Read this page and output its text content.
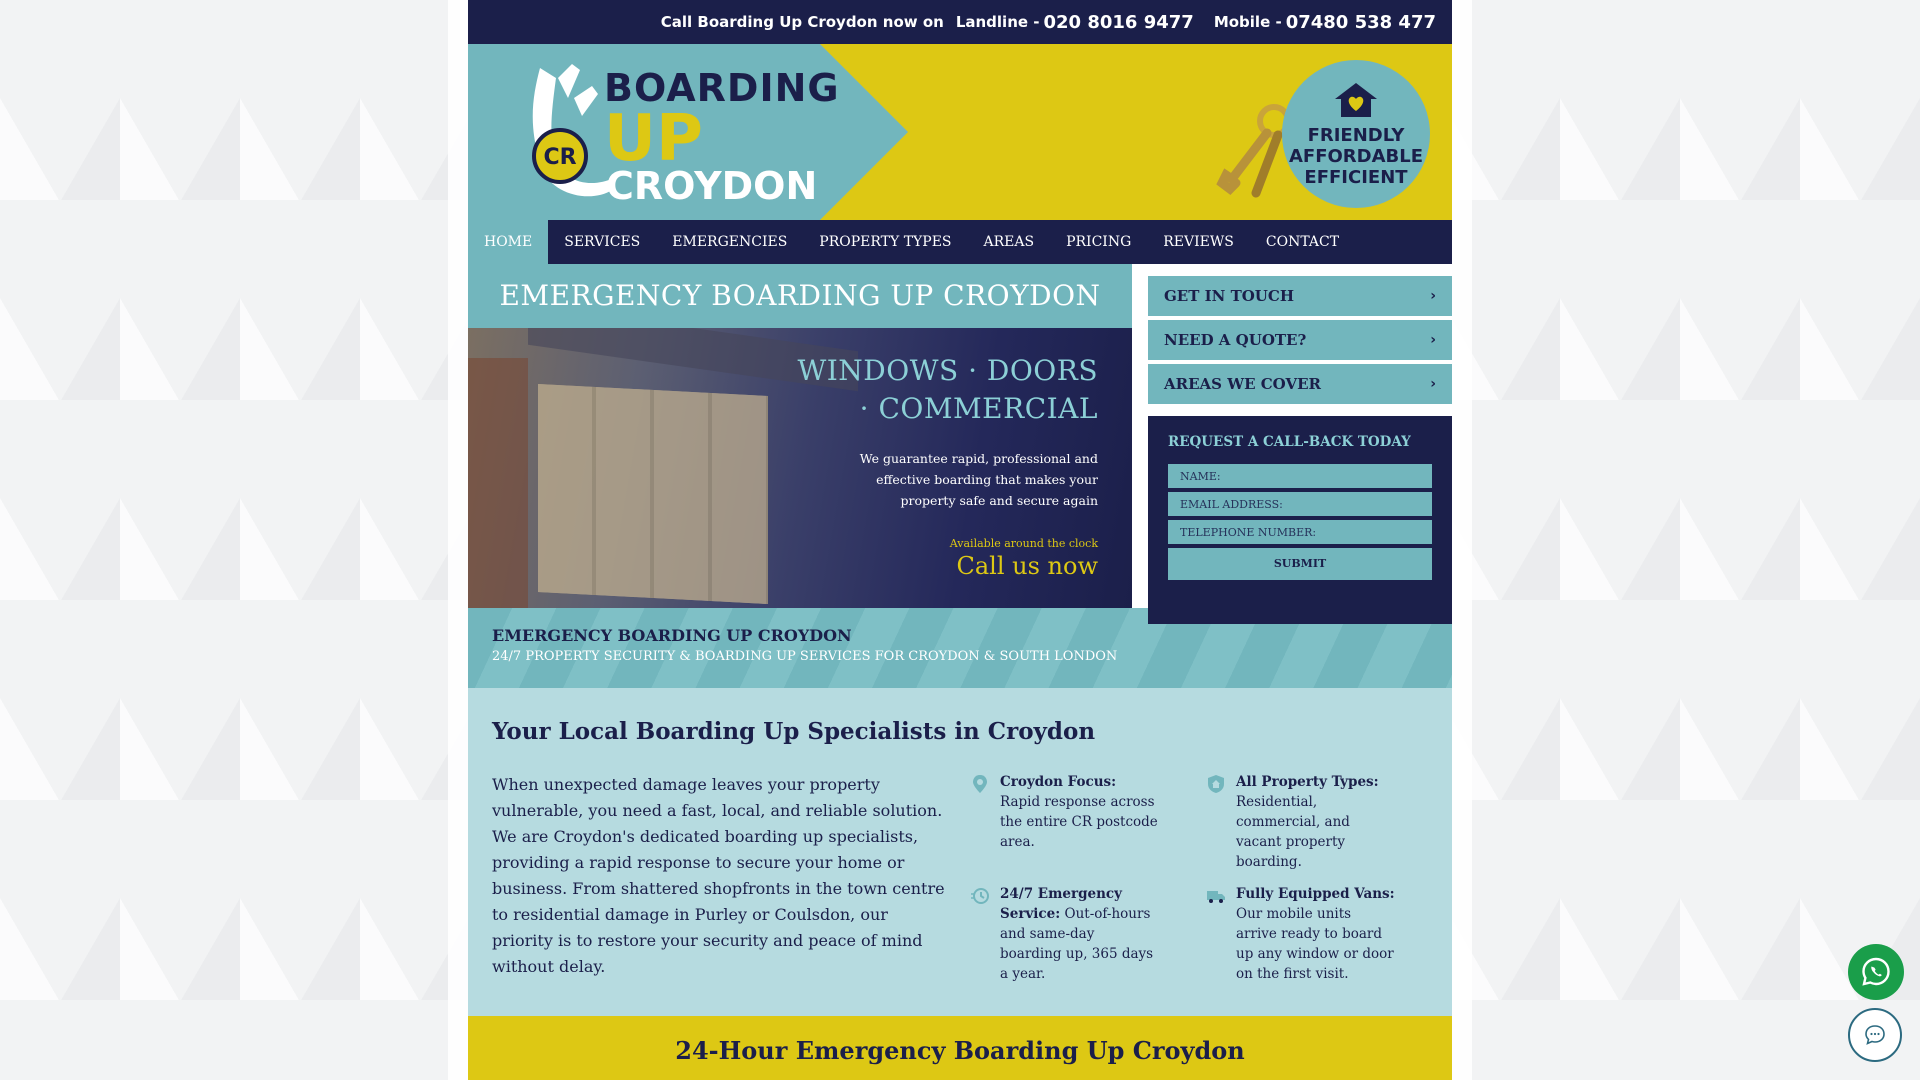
Call Boarding Up Croydon now on Landline - 020 8016 9477 Mobile - 07480 538 477
CR
BOARDING
UP
CROYDON
FRIENDLY
AFFORDABLE
EFFICIENT
HOME	SERVICES	EMERGENCIES	PROPERTY TYPES	AREAS	PRICING	REVIEWS	CONTACT
EMERGENCY BOARDING UP CROYDON
WINDOWS · DOORS
· COMMERCIAL
We guarantee rapid, professional and effective boarding that makes your property safe and secure again
Available around the clock
Call us now
GET IN TOUCH	›
NEED A QUOTE?	›
AREAS WE COVER	›
REQUEST A CALL-BACK TODAY
NAME:
EMAIL ADDRESS:
TELEPHONE NUMBER:
SUBMIT
EMERGENCY BOARDING UP CROYDON
24/7 PROPERTY SECURITY & BOARDING UP SERVICES FOR CROYDON & SOUTH LONDON
Your Local Boarding Up Specialists in Croydon

When unexpected damage leaves your property vulnerable, you need a fast, local, and reliable solution. We are Croydon's dedicated boarding up specialists, providing a rapid response to secure your home or business. From shattered shopfronts in the town centre to residential damage in Purley or Coulsdon, our priority is to restore your security and peace of mind without delay.

Croydon Focus: Rapid response across the entire CR postcode area.
All Property Types:
Residential, commercial, and vacant property boarding.
24/7 Emergency Service: Out-of-hours and same-day boarding up, 365 days a year.
Fully Equipped Vans: Our mobile units arrive ready to board up any window or door on the first visit.
24-Hour Emergency Boarding Up Croydon
